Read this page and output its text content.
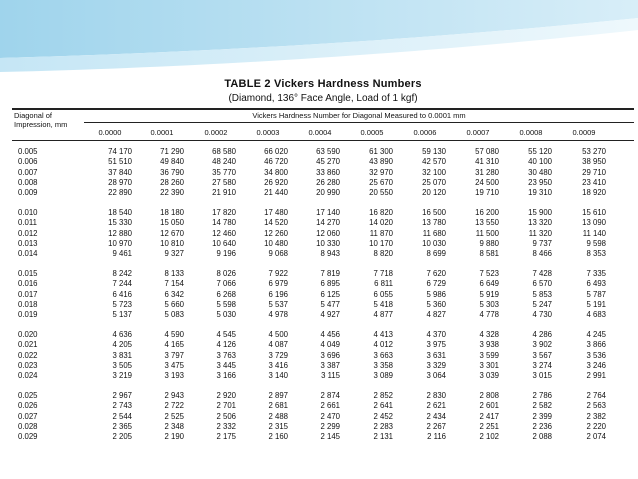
TABLE 2 Vickers Hardness Numbers
(Diamond, 136° Face Angle, Load of 1 kgf)
Diagonal of Impression, mm
Vickers Hardness Number for Diagonal Measured to 0.0001 mm
0.0000	0.0001	0.0002	0.0003	0.0004	0.0005	0.0006	0.0007	0.0008	0.0009
0.005	74 170	71 290	68 580	66 020	63 590	61 300	59 130	57 080	55 120	53 270
0.006	51 510	49 840	48 240	46 720	45 270	43 890	42 570	41 310	40 100	38 950
0.007	37 840	36 790	35 770	34 800	33 860	32 970	32 100	31 280	30 480	29 710
0.008	28 970	28 260	27 580	26 920	26 280	25 670	25 070	24 500	23 950	23 410
0.009	22 890	22 390	21 910	21 440	20 990	20 550	20 120	19 710	19 310	18 920
0.010	18 540	18 180	17 820	17 480	17 140	16 820	16 500	16 200	15 900	15 610
0.011	15 330	15 050	14 780	14 520	14 270	14 020	13 780	13 550	13 320	13 090
0.012	12 880	12 670	12 460	12 260	12 060	11 870	11 680	11 500	11 320	11 140
0.013	10 970	10 810	10 640	10 480	10 330	10 170	10 030	9 880	9 737	9 598
0.014	9 461	9 327	9 196	9 068	8 943	8 820	8 699	8 581	8 466	8 353
0.015	8 242	8 133	8 026	7 922	7 819	7 718	7 620	7 523	7 428	7 335
0.016	7 244	7 154	7 066	6 979	6 895	6 811	6 729	6 649	6 570	6 493
0.017	6 416	6 342	6 268	6 196	6 125	6 055	5 986	5 919	5 853	5 787
0.018	5 723	5 660	5 598	5 537	5 477	5 418	5 360	5 303	5 247	5 191
0.019	5 137	5 083	5 030	4 978	4 927	4 877	4 827	4 778	4 730	4 683
0.020	4 636	4 590	4 545	4 500	4 456	4 413	4 370	4 328	4 286	4 245
0.021	4 205	4 165	4 126	4 087	4 049	4 012	3 975	3 938	3 902	3 866
0.022	3 831	3 797	3 763	3 729	3 696	3 663	3 631	3 599	3 567	3 536
0.023	3 505	3 475	3 445	3 416	3 387	3 358	3 329	3 301	3 274	3 246
0.024	3 219	3 193	3 166	3 140	3 115	3 089	3 064	3 039	3 015	2 991
0.025	2 967	2 943	2 920	2 897	2 874	2 852	2 830	2 808	2 786	2 764
0.026	2 743	2 722	2 701	2 681	2 661	2 641	2 621	2 601	2 582	2 563
0.027	2 544	2 525	2 506	2 488	2 470	2 452	2 434	2 417	2 399	2 382
0.028	2 365	2 348	2 332	2 315	2 299	2 283	2 267	2 251	2 236	2 220
0.029	2 205	2 190	2 175	2 160	2 145	2 131	2 116	2 102	2 088	2 074
